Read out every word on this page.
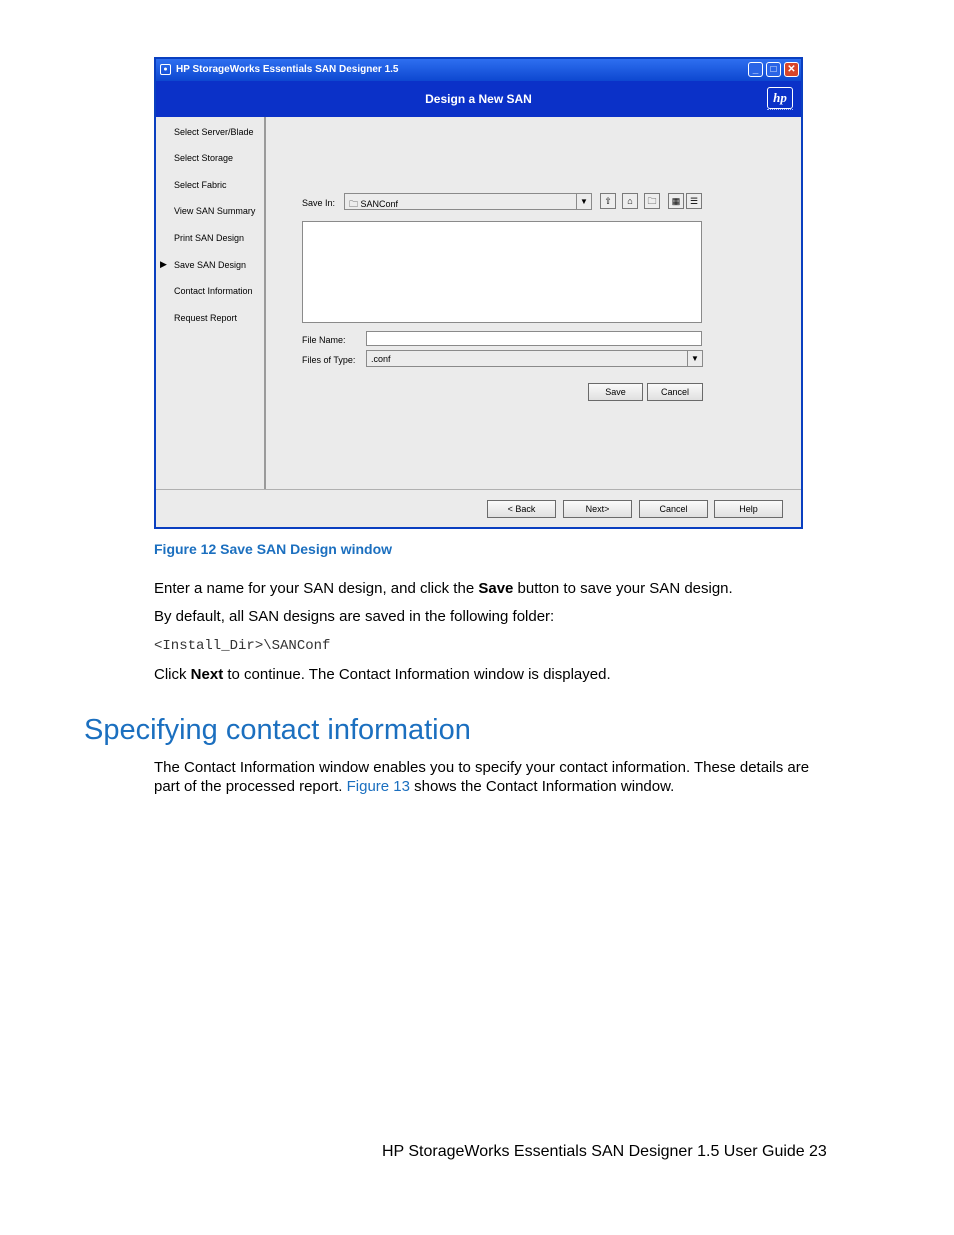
● HP StorageWorks Essentials SAN Designer 1.5	_	□	✕
Design a New SAN	hp
Select Server/Blade
Select Storage
Select Fabric
View SAN Summary
Print SAN Design
▶ Save SAN Design
Contact Information
Request Report
Save In: 🗀 SANConf	▼	⇧	⌂	🗀	▦	☰
File Name:
Files of Type: .conf	▼
Save	Cancel
< Back	Next>	Cancel	Help
Figure 12 Save SAN Design window
Enter a name for your SAN design, and click the Save button to save your SAN design.
By default, all SAN designs are saved in the following folder:
<Install_Dir>\SANConf
Click Next to continue. The Contact Information window is displayed.
Specifying contact information
The Contact Information window enables you to specify your contact information. These details are
part of the processed report. Figure 13 shows the Contact Information window.
HP StorageWorks Essentials SAN Designer 1.5 User Guide 23
